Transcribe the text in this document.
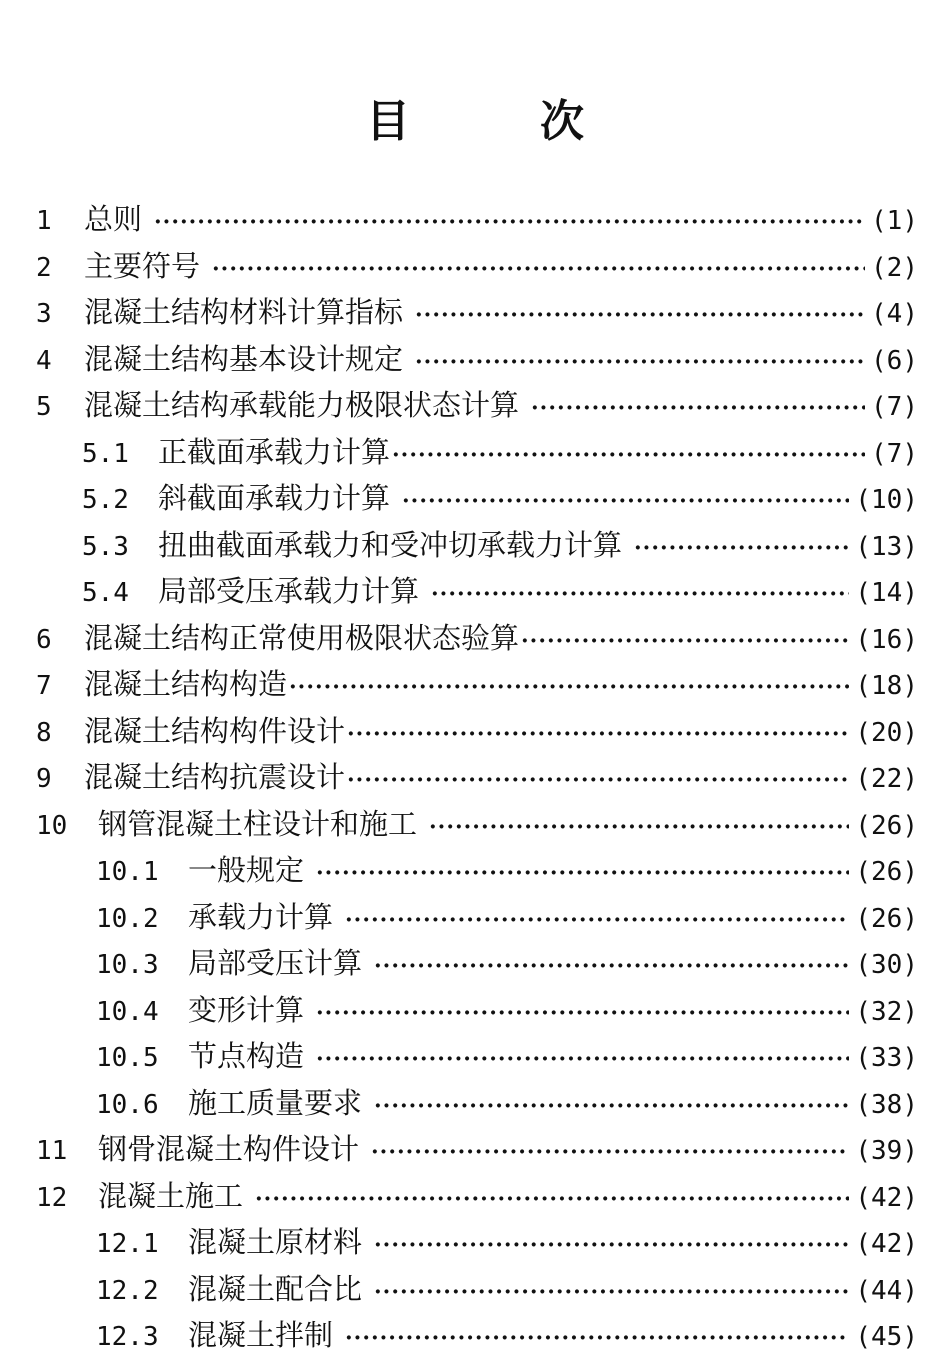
目	次
1	总则 ·····	(1)
2	主要符号 ·····	(2)
3	混凝土结构材料计算指标 ·····	(4)
4	混凝土结构基本设计规定 ·····	(6)
5	混凝土结构承载能力极限状态计算 ·····	(7)
5.1	正截面承载力计算 ·····	(7)
5.2	斜截面承载力计算 ·····	(10)
5.3	扭曲截面承载力和受冲切承载力计算 ·····	(13)
5.4	局部受压承载力计算 ·····	(14)
6	混凝土结构正常使用极限状态验算 ·····	(16)
7	混凝土结构构造 ·····	(18)
8	混凝土结构构件设计 ·····	(20)
9	混凝土结构抗震设计 ·····	(22)
10	钢管混凝土柱设计和施工 ·····	(26)
10.1	一般规定 ·····	(26)
10.2	承载力计算 ·····	(26)
10.3	局部受压计算 ·····	(30)
10.4	变形计算 ·····	(32)
10.5	节点构造 ·····	(33)
10.6	施工质量要求 ·····	(38)
11	钢骨混凝土构件设计 ·····	(39)
12	混凝土施工 ·····	(42)
12.1	混凝土原材料 ·····	(42)
12.2	混凝土配合比 ·····	(44)
12.3	混凝土拌制 ·····	(45)
